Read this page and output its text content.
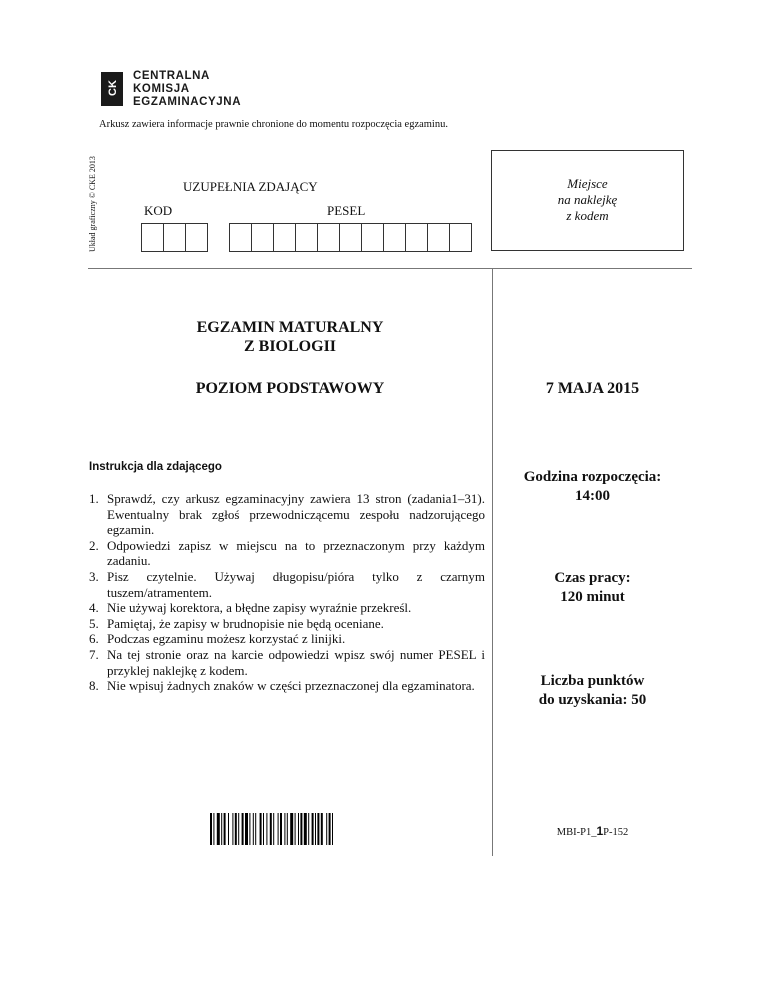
CK
CENTRALNA
KOMISJA
EGZAMINACYJNA
Arkusz zawiera informacje prawnie chronione do momentu rozpoczęcia egzaminu.
Układ graficzny © CKE 2013	UZUPEŁNIA ZDAJĄCY
KOD	PESEL
Miejsce
na naklejkę
z kodem
EGZAMIN MATURALNY
Z BIOLOGII
POZIOM PODSTAWOWY	7 MAJA 2015
Instrukcja dla zdającego
1. Sprawdź, czy arkusz egzaminacyjny zawiera 13 stron (zadania1–31). Ewentualny brak zgłoś przewodniczącemu zespołu nadzorującego egzamin.
2. Odpowiedzi zapisz w miejscu na to przeznaczonym przy każdym zadaniu.
3. Pisz czytelnie. Używaj długopisu/pióra tylko z czarnym tuszem/atramentem.
4. Nie używaj korektora, a błędne zapisy wyraźnie przekreśl.
5. Pamiętaj, że zapisy w brudnopisie nie będą oceniane.
6. Podczas egzaminu możesz korzystać z linijki.
7. Na tej stronie oraz na karcie odpowiedzi wpisz swój numer PESEL i przyklej naklejkę z kodem.
8. Nie wpisuj żadnych znaków w części przeznaczonej dla egzaminatora.
Godzina rozpoczęcia:
14:00
Czas pracy:
120 minut
Liczba punktów
do uzyskania: 50
MBI-P1_1P-152
